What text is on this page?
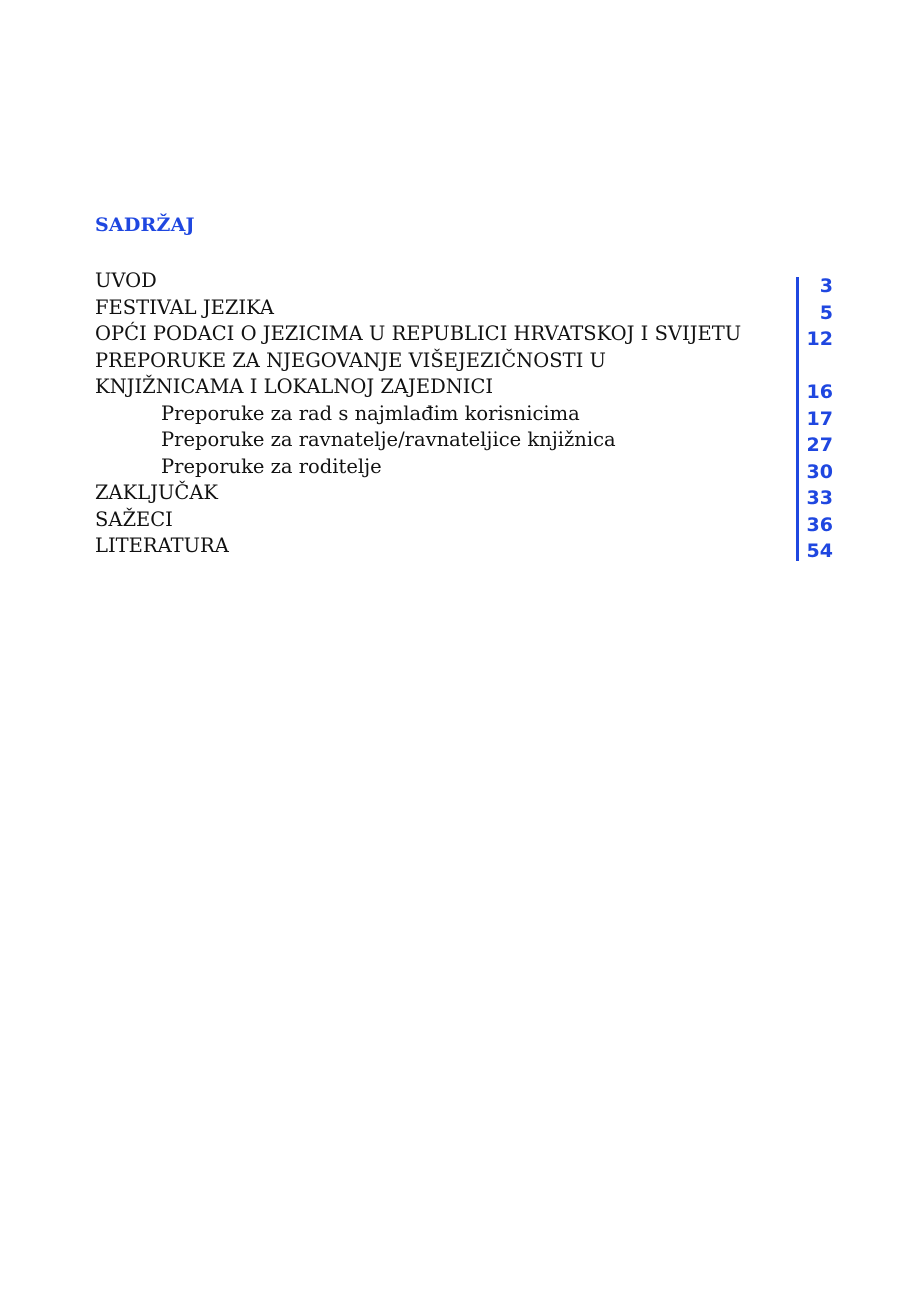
SADRŽAJ
UVOD
FESTIVAL JEZIKA
OPĆI PODACI O JEZICIMA U REPUBLICI HRVATSKOJ I SVIJETU
PREPORUKE ZA NJEGOVANJE VIŠEJEZIČNOSTI U
KNJIŽNICAMA I LOKALNOJ ZAJEDNICI
Preporuke za rad s najmlađim korisnicima
Preporuke za ravnatelje/ravnateljice knjižnica
Preporuke za roditelje
ZAKLJUČAK
SAŽECI
LITERATURA
3
5
12

16
17
27
30
33
36
54
